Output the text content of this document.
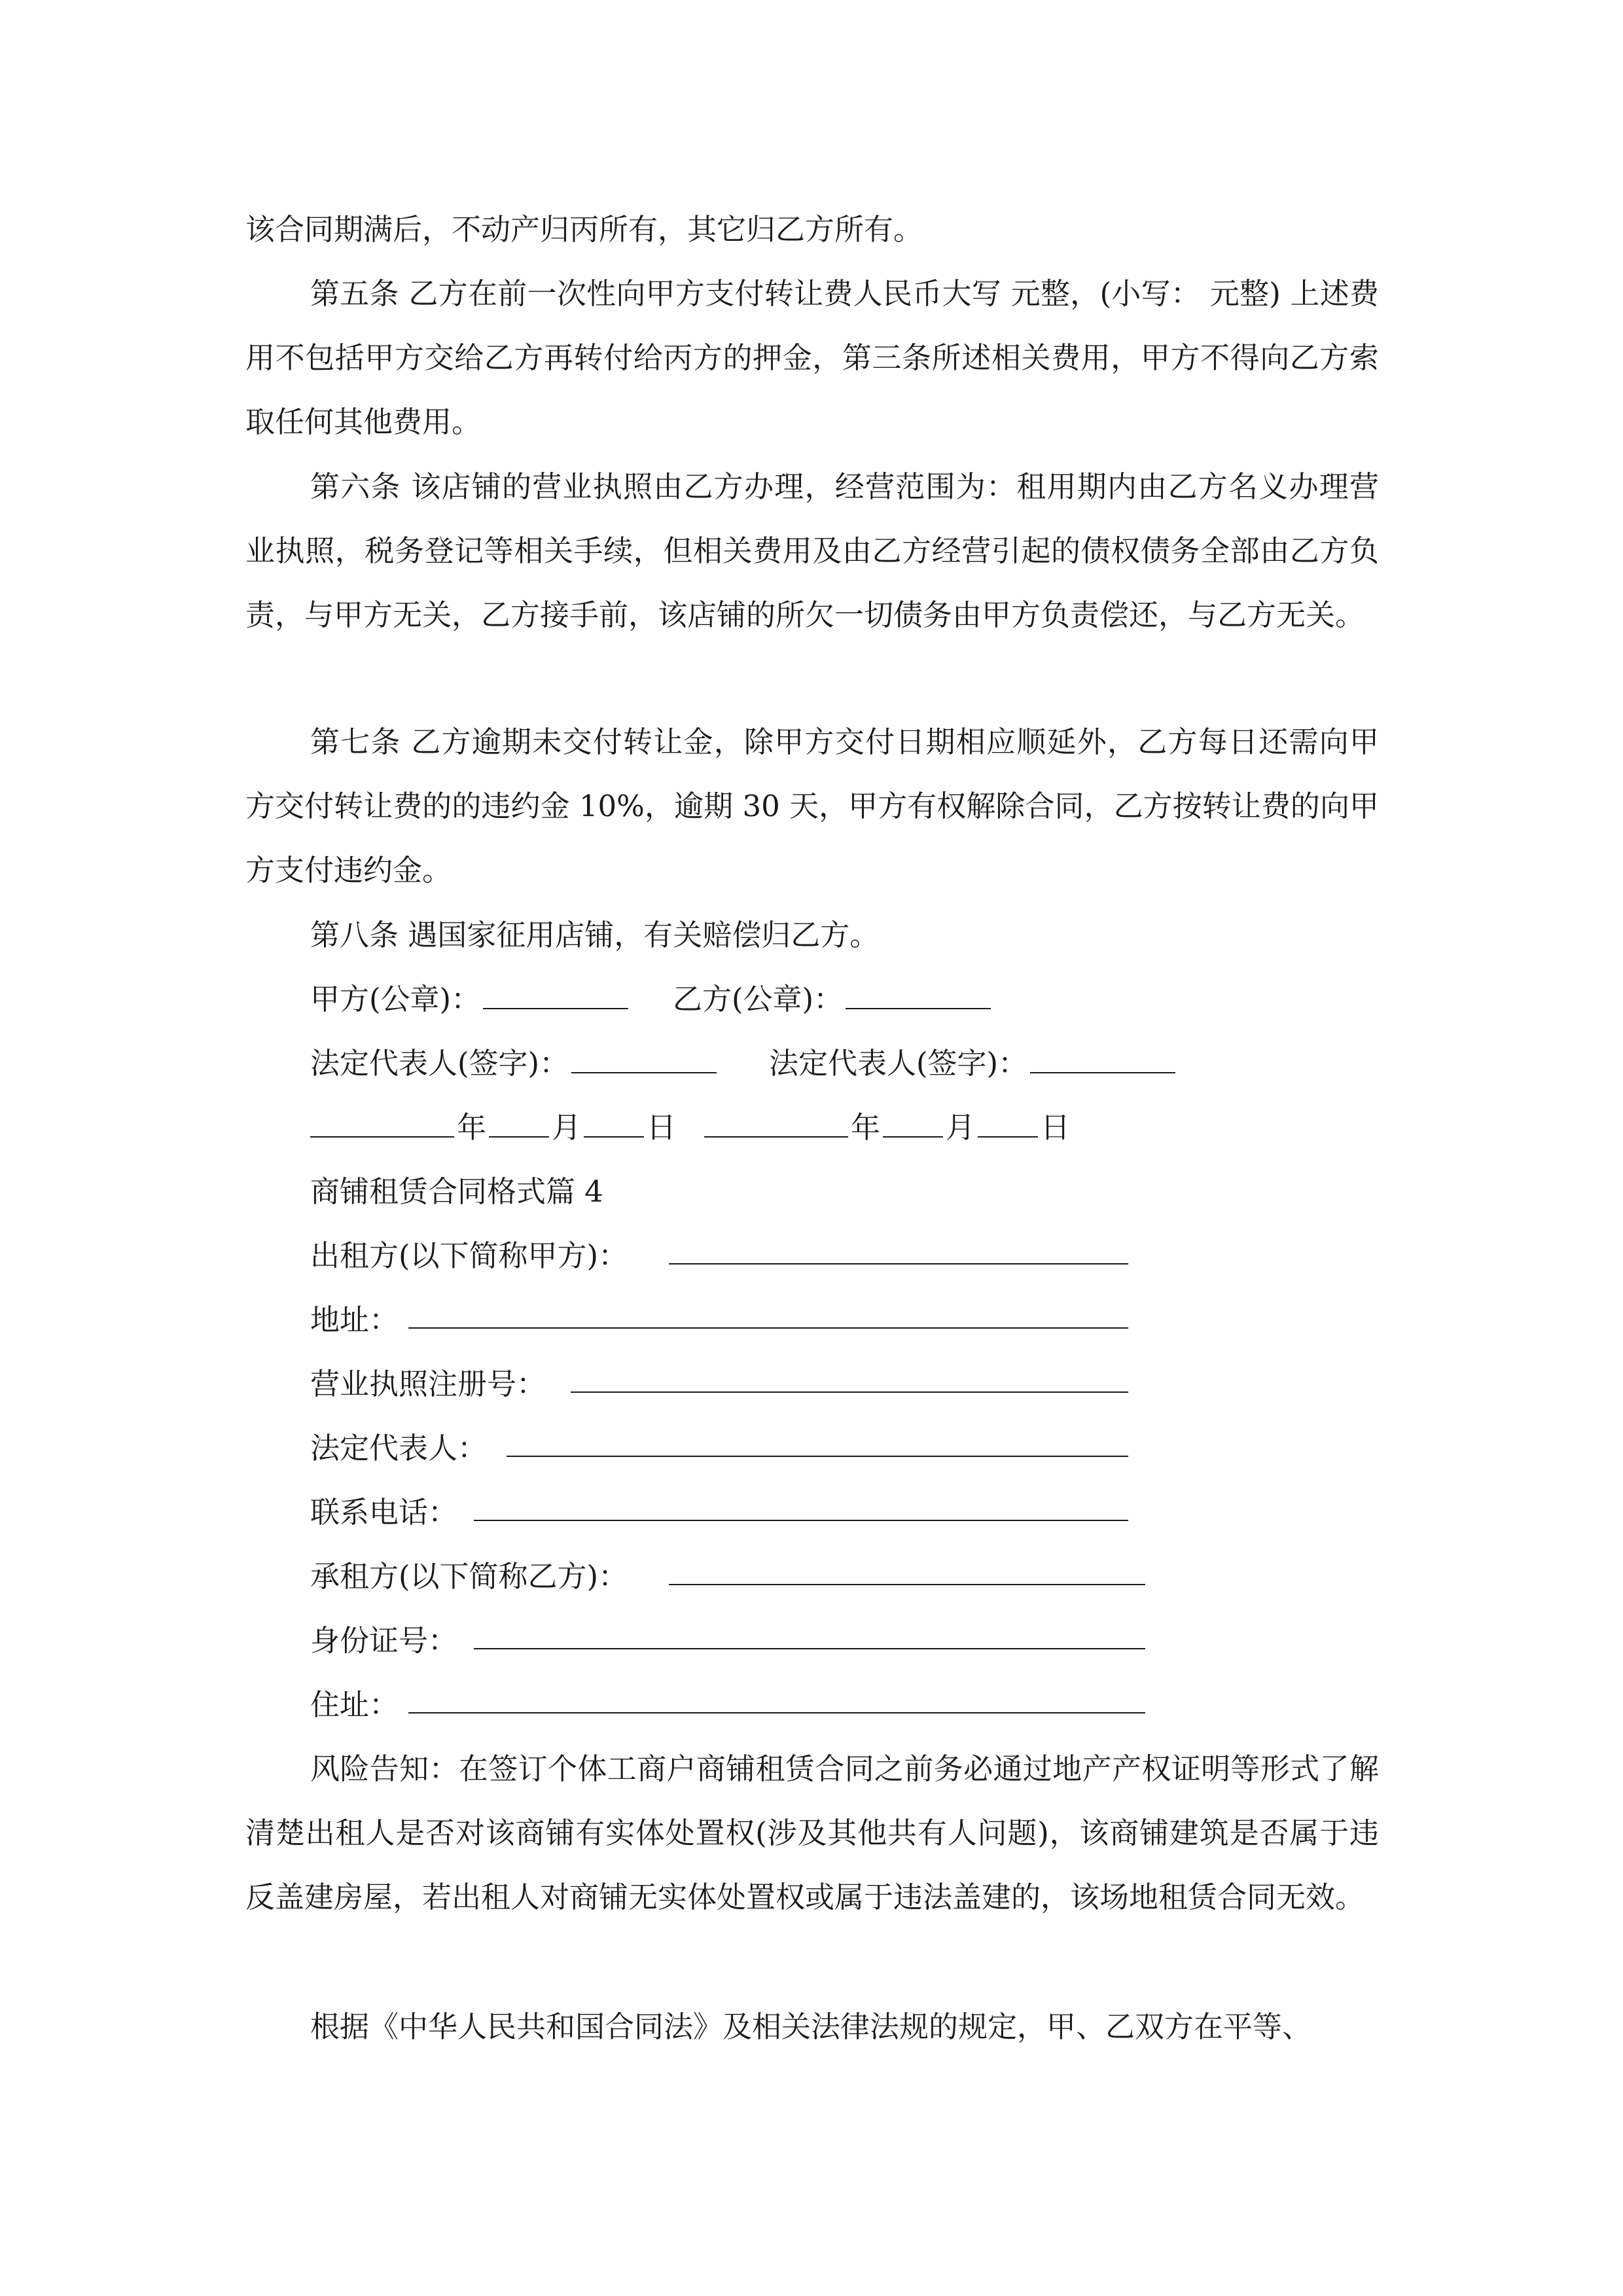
该合同期满后，不动产归丙所有，其它归乙方所有。
第五条 乙方在前一次性向甲方支付转让费人民币大写 元整，(小写： 元整) 上述费用不包括甲方交给乙方再转付给丙方的押金，第三条所述相关费用，甲方不得向乙方索取任何其他费用。
第六条 该店铺的营业执照由乙方办理，经营范围为：租用期内由乙方名义办理营业执照，税务登记等相关手续，但相关费用及由乙方经营引起的债权债务全部由乙方负责，与甲方无关，乙方接手前，该店铺的所欠一切债务由甲方负责偿还，与乙方无关。
第七条 乙方逾期未交付转让金，除甲方交付日期相应顺延外，乙方每日还需向甲方交付转让费的的违约金 10%，逾期 30 天，甲方有权解除合同，乙方按转让费的向甲方支付违约金。
第八条 遇国家征用店铺，有关赔偿归乙方。
甲方(公章)：	乙方(公章)：
法定代表人(签字)：	法定代表人(签字)：
年 月 日	年 月 日
商铺租赁合同格式篇 4
出租方(以下简称甲方)：
地址：
营业执照注册号：
法定代表人：
联系电话：
承租方(以下简称乙方)：
身份证号：
住址：
风险告知：在签订个体工商户商铺租赁合同之前务必通过地产产权证明等形式了解清楚出租人是否对该商铺有实体处置权(涉及其他共有人问题)，该商铺建筑是否属于违反盖建房屋，若出租人对商铺无实体处置权或属于违法盖建的，该场地租赁合同无效。
根据《中华人民共和国合同法》及相关法律法规的规定，甲、乙双方在平等、
